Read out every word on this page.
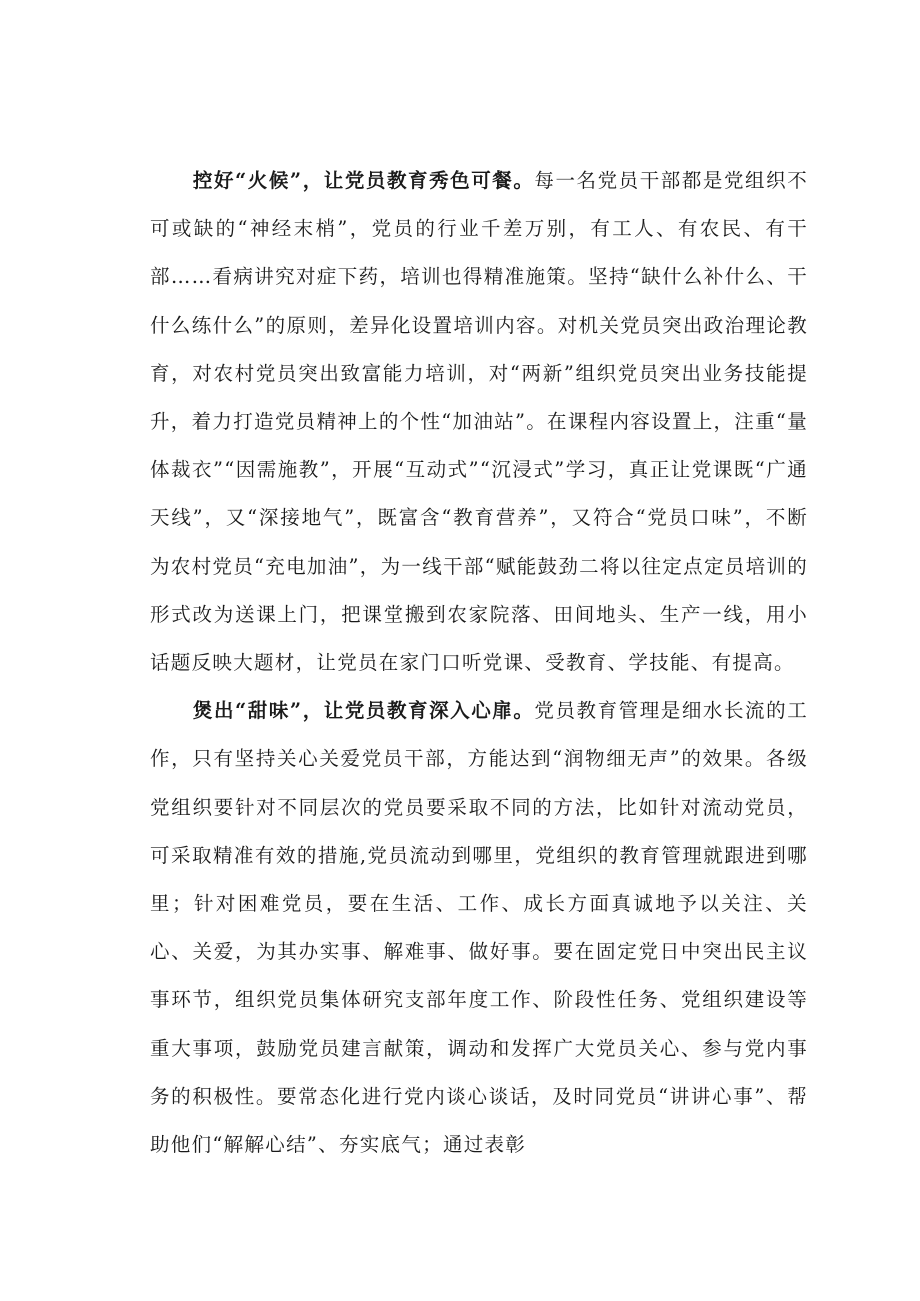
控好“火候”，让党员教育秀色可餐。每一名党员干部都是党组织不可或缺的“神经末梢”，党员的行业千差万别，有工人、有农民、有干部……看病讲究对症下药，培训也得精准施策。坚持“缺什么补什么、干什么练什么”的原则，差异化设置培训内容。对机关党员突出政治理论教育，对农村党员突出致富能力培训，对“两新”组织党员突出业务技能提升，着力打造党员精神上的个性“加油站”。在课程内容设置上，注重“量体裁衣”“因需施教”，开展“互动式”“沉浸式”学习，真正让党课既“广通天线”，又“深接地气”，既富含“教育营养”，又符合“党员口味”，不断为农村党员“充电加油”，为一线干部“赋能鼓劲二将以往定点定员培训的形式改为送课上门，把课堂搬到农家院落、田间地头、生产一线，用小话题反映大题材，让党员在家门口听党课、受教育、学技能、有提高。

煲出“甜味”，让党员教育深入心扉。党员教育管理是细水长流的工作，只有坚持关心关爱党员干部，方能达到“润物细无声”的效果。各级党组织要针对不同层次的党员要采取不同的方法，比如针对流动党员，可采取精准有效的措施,党员流动到哪里，党组织的教育管理就跟进到哪里；针对困难党员，要在生活、工作、成长方面真诚地予以关注、关心、关爱，为其办实事、解难事、做好事。要在固定党日中突出民主议事环节，组织党员集体研究支部年度工作、阶段性任务、党组织建设等重大事项，鼓励党员建言献策，调动和发挥广大党员关心、参与党内事务的积极性。要常态化进行党内谈心谈话，及时同党员“讲讲心事”、帮助他们“解解心结”、夯实底气；通过表彰
